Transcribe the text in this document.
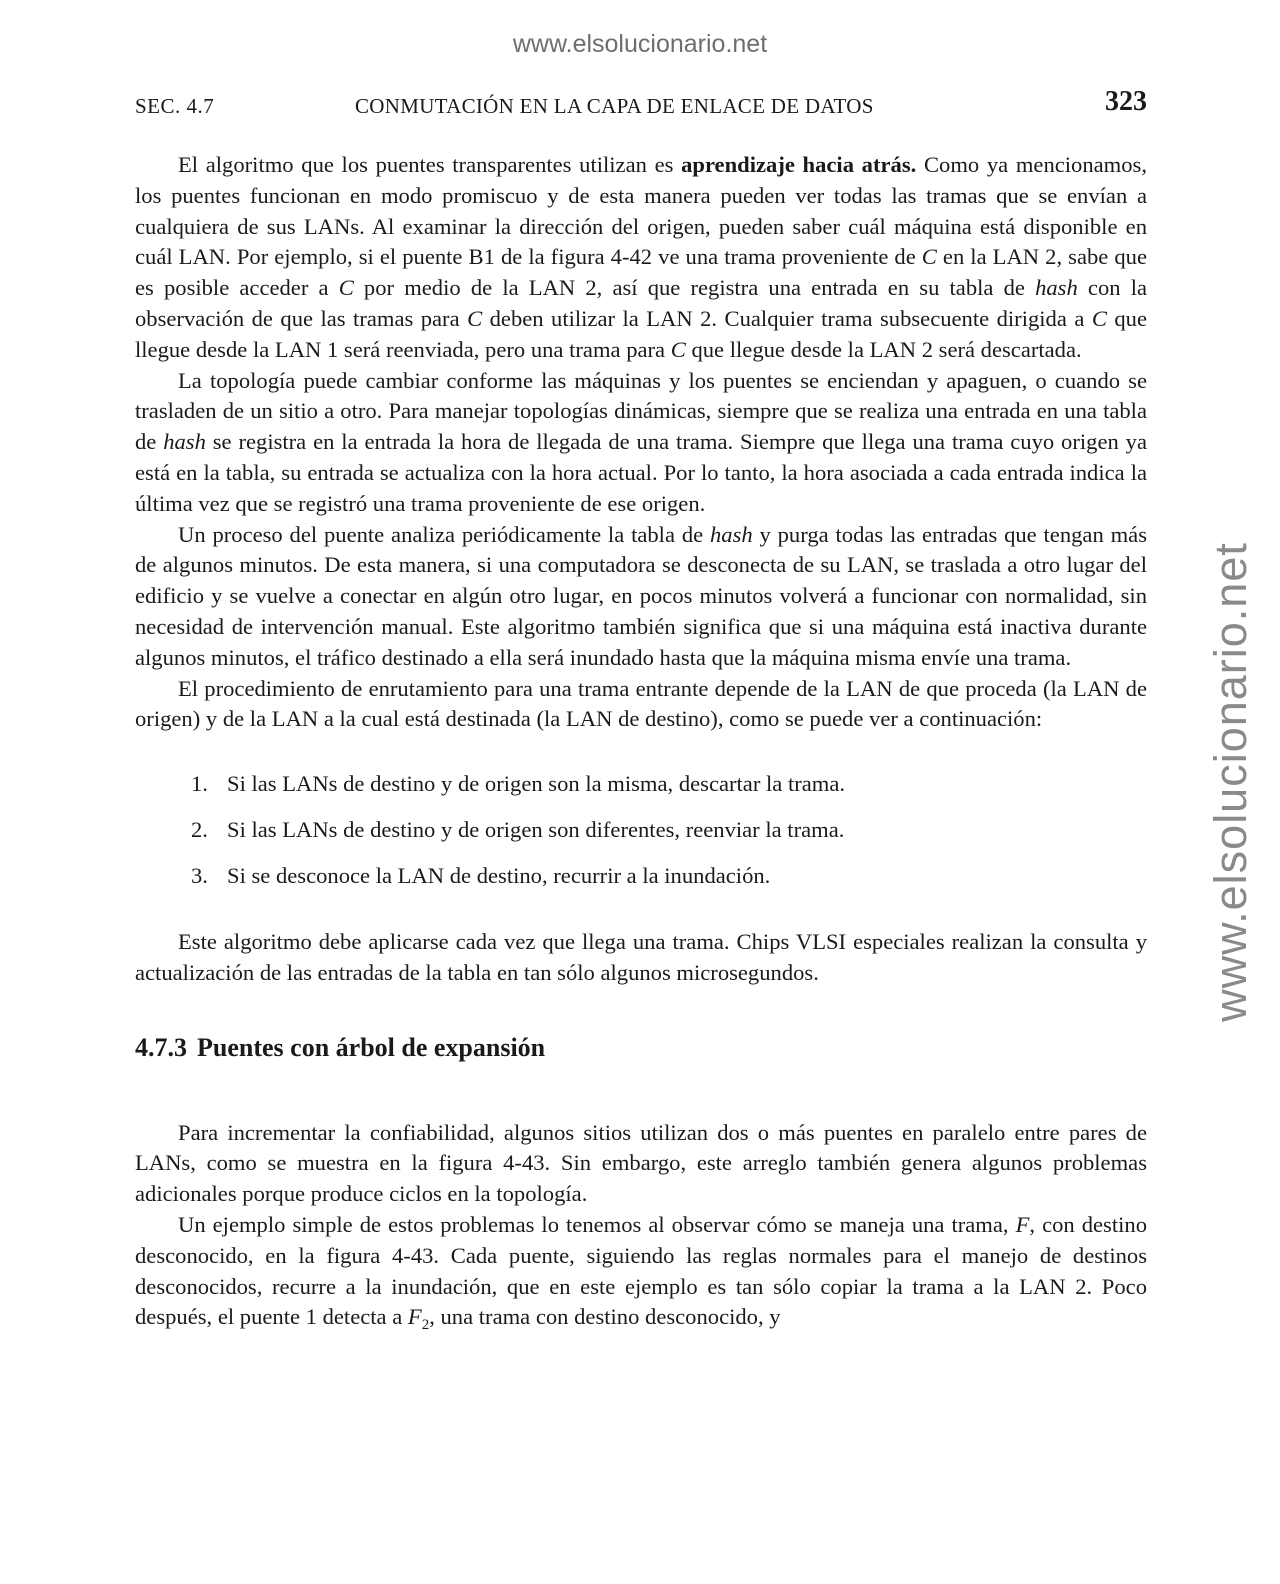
www.elsolucionario.net
www.elsolucionario.net
SEC. 4.7	CONMUTACIÓN EN LA CAPA DE ENLACE DE DATOS	323

El algoritmo que los puentes transparentes utilizan es aprendizaje hacia atrás. Como ya mencionamos, los puentes funcionan en modo promiscuo y de esta manera pueden ver todas las tramas que se envían a cualquiera de sus LANs. Al examinar la dirección del origen, pueden saber cuál máquina está disponible en cuál LAN. Por ejemplo, si el puente B1 de la figura 4-42 ve una trama proveniente de C en la LAN 2, sabe que es posible acceder a C por medio de la LAN 2, así que registra una entrada en su tabla de hash con la observación de que las tramas para C deben utilizar la LAN 2. Cualquier trama subsecuente dirigida a C que llegue desde la LAN 1 será reenviada, pero una trama para C que llegue desde la LAN 2 será descartada.

La topología puede cambiar conforme las máquinas y los puentes se enciendan y apaguen, o cuando se trasladen de un sitio a otro. Para manejar topologías dinámicas, siempre que se realiza una entrada en una tabla de hash se registra en la entrada la hora de llegada de una trama. Siempre que llega una trama cuyo origen ya está en la tabla, su entrada se actualiza con la hora actual. Por lo tanto, la hora asociada a cada entrada indica la última vez que se registró una trama proveniente de ese origen.

Un proceso del puente analiza periódicamente la tabla de hash y purga todas las entradas que tengan más de algunos minutos. De esta manera, si una computadora se desconecta de su LAN, se traslada a otro lugar del edificio y se vuelve a conectar en algún otro lugar, en pocos minutos volverá a funcionar con normalidad, sin necesidad de intervención manual. Este algoritmo también significa que si una máquina está inactiva durante algunos minutos, el tráfico destinado a ella será inundado hasta que la máquina misma envíe una trama.

El procedimiento de enrutamiento para una trama entrante depende de la LAN de que proceda (la LAN de origen) y de la LAN a la cual está destinada (la LAN de destino), como se puede ver a continuación:

1. Si las LANs de destino y de origen son la misma, descartar la trama.
2. Si las LANs de destino y de origen son diferentes, reenviar la trama.
3. Si se desconoce la LAN de destino, recurrir a la inundación.

Este algoritmo debe aplicarse cada vez que llega una trama. Chips VLSI especiales realizan la consulta y actualización de las entradas de la tabla en tan sólo algunos microsegundos.

4.7.3 Puentes con árbol de expansión

Para incrementar la confiabilidad, algunos sitios utilizan dos o más puentes en paralelo entre pares de LANs, como se muestra en la figura 4-43. Sin embargo, este arreglo también genera algunos problemas adicionales porque produce ciclos en la topología.

Un ejemplo simple de estos problemas lo tenemos al observar cómo se maneja una trama, F, con destino desconocido, en la figura 4-43. Cada puente, siguiendo las reglas normales para el manejo de destinos desconocidos, recurre a la inundación, que en este ejemplo es tan sólo copiar la trama a la LAN 2. Poco después, el puente 1 detecta a $F_2$, una trama con destino desconocido, y
